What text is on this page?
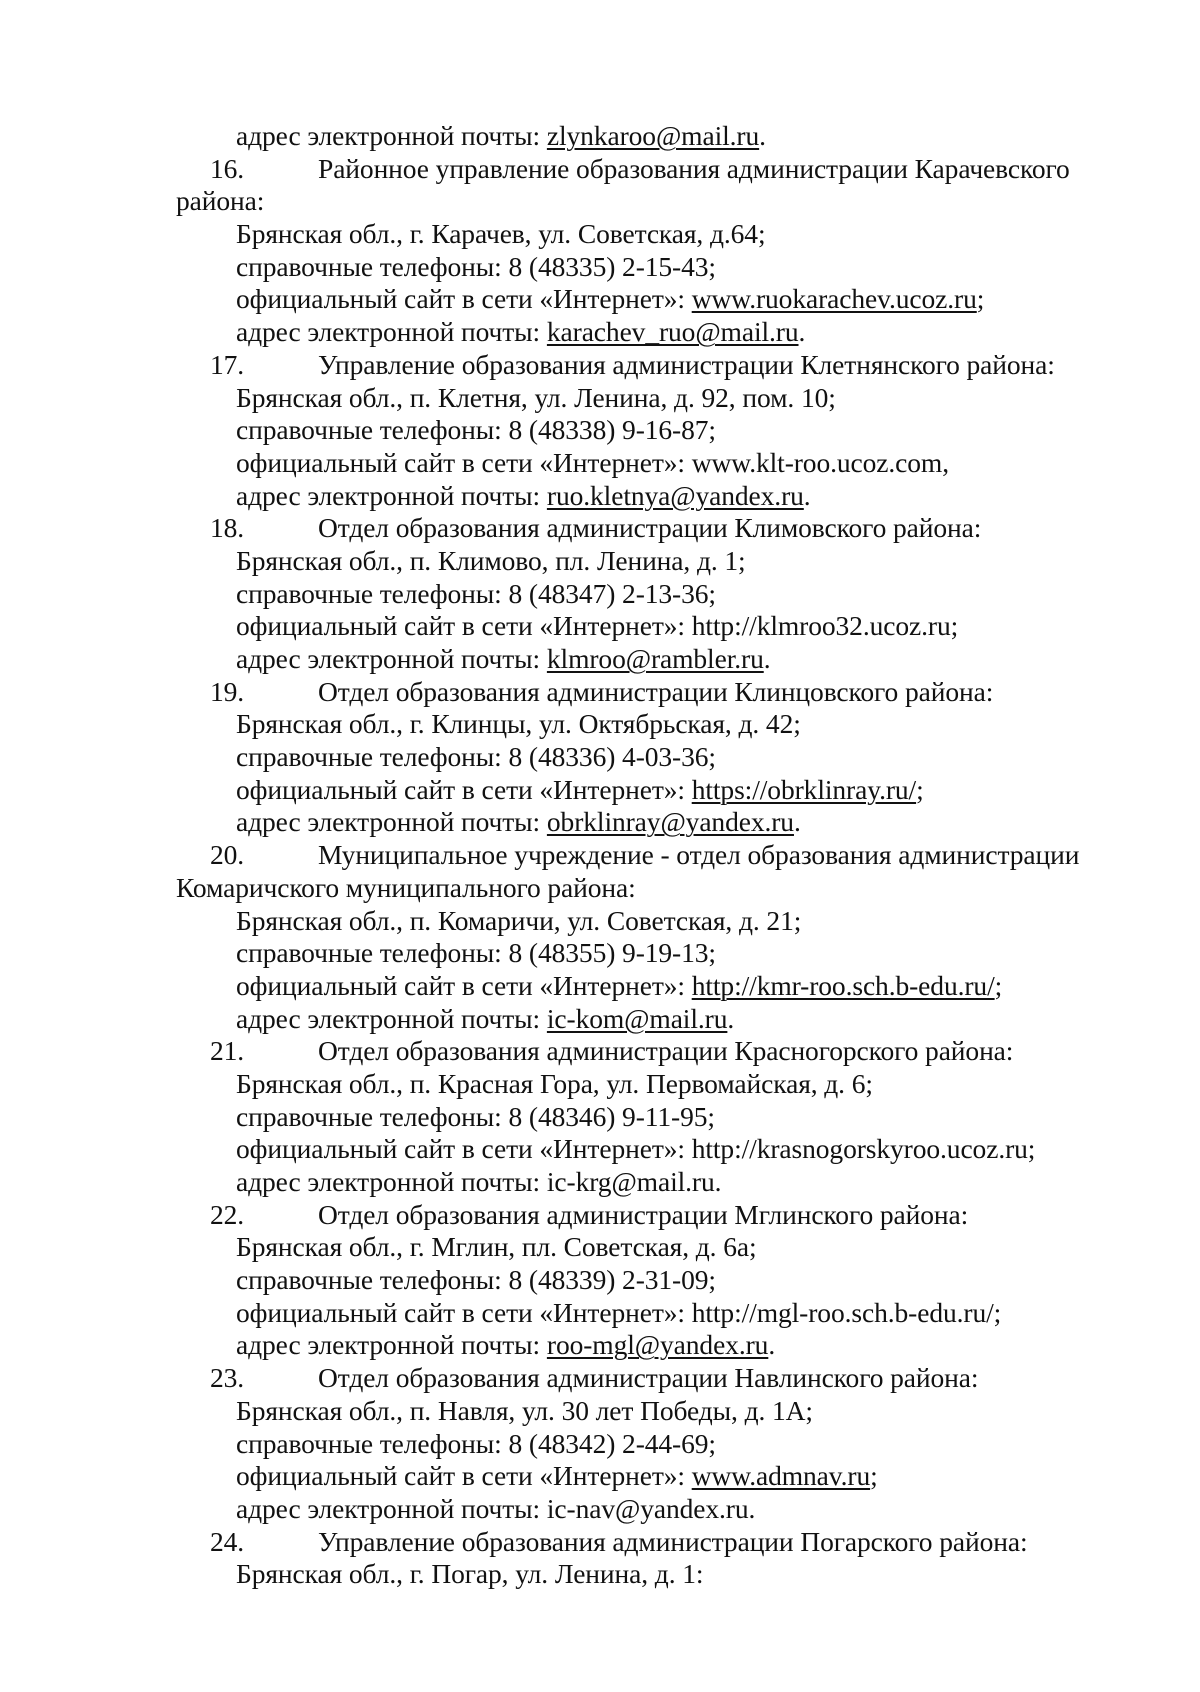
адрес электронной почты: zlynkaroo@mail.ru.
16.	Районное управление образования администрации Карачевского
района:
Брянская обл., г. Карачев, ул. Советская, д.64;
справочные телефоны: 8 (48335) 2-15-43;
официальный сайт в сети «Интернет»: www.ruokarachev.ucoz.ru;
адрес электронной почты: karachev_ruo@mail.ru.
17.	Управление образования администрации Клетнянского района:
Брянская обл., п. Клетня, ул. Ленина, д. 92, пом. 10;
справочные телефоны: 8 (48338) 9-16-87;
официальный сайт в сети «Интернет»: www.klt-roo.ucoz.com,
адрес электронной почты: ruo.kletnya@yandex.ru.
18.	Отдел образования администрации Климовского района:
Брянская обл., п. Климово, пл. Ленина, д. 1;
справочные телефоны: 8 (48347) 2-13-36;
официальный сайт в сети «Интернет»: http://klmroo32.ucoz.ru;
адрес электронной почты: klmroo@rambler.ru.
19.	Отдел образования администрации Клинцовского района:
Брянская обл., г. Клинцы, ул. Октябрьская, д. 42;
справочные телефоны: 8 (48336) 4-03-36;
официальный сайт в сети «Интернет»: https://obrklinray.ru/;
адрес электронной почты: obrklinray@yandex.ru.
20.	Муниципальное учреждение - отдел образования администрации
Комаричского муниципального района:
Брянская обл., п. Комаричи, ул. Советская, д. 21;
справочные телефоны: 8 (48355) 9-19-13;
официальный сайт в сети «Интернет»: http://kmr-roo.sch.b-edu.ru/;
адрес электронной почты: ic-kom@mail.ru.
21.	Отдел образования администрации Красногорского района:
Брянская обл., п. Красная Гора, ул. Первомайская, д. 6;
справочные телефоны: 8 (48346) 9-11-95;
официальный сайт в сети «Интернет»: http://krasnogorskyroo.ucoz.ru;
адрес электронной почты: ic-krg@mail.ru.
22.	Отдел образования администрации Мглинского района:
Брянская обл., г. Мглин, пл. Советская, д. 6а;
справочные телефоны: 8 (48339) 2-31-09;
официальный сайт в сети «Интернет»: http://mgl-roo.sch.b-edu.ru/;
адрес электронной почты: roo-mgl@yandex.ru.
23.	Отдел образования администрации Навлинского района:
Брянская обл., п. Навля, ул. 30 лет Победы, д. 1А;
справочные телефоны: 8 (48342) 2-44-69;
официальный сайт в сети «Интернет»: www.admnav.ru;
адрес электронной почты: ic-nav@yandex.ru.
24.	Управление образования администрации Погарского района:
Брянская обл., г. Погар, ул. Ленина, д. 1:
